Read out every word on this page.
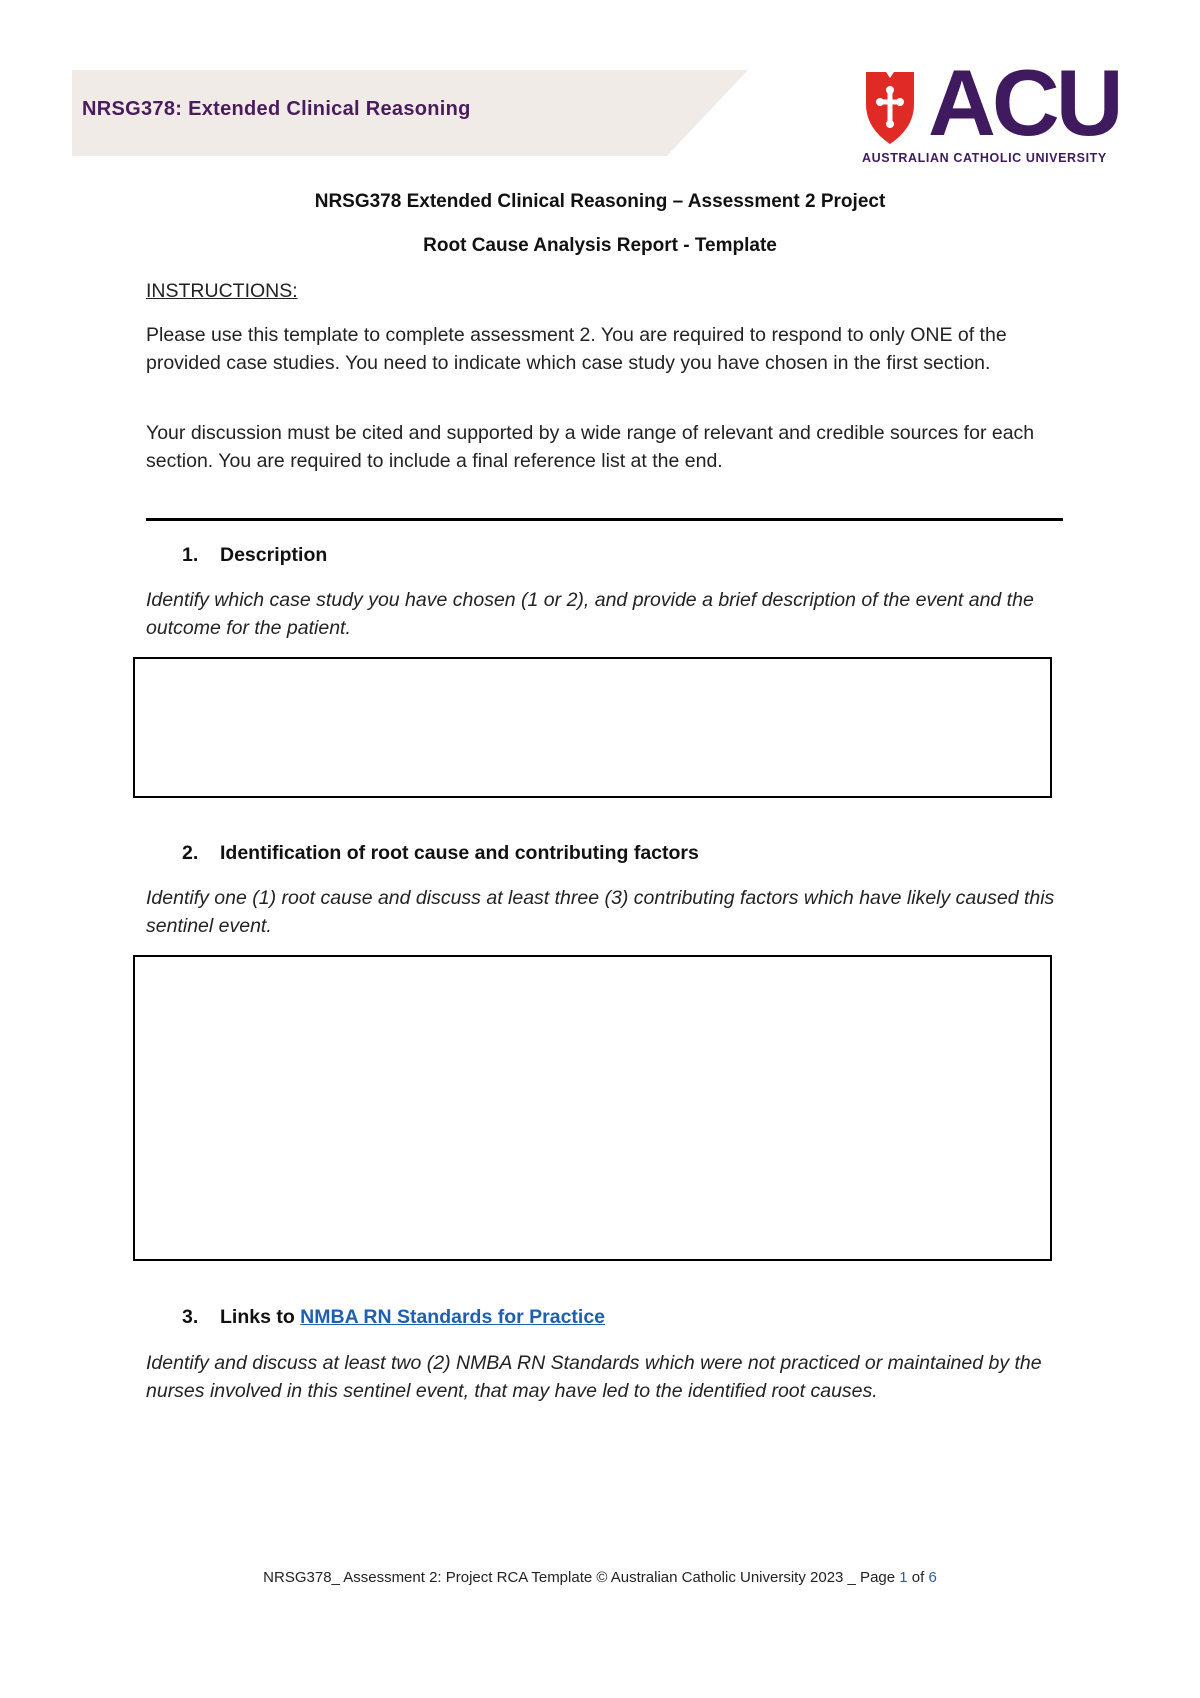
NRSG378: Extended Clinical Reasoning	ACU
AUSTRALIAN CATHOLIC UNIVERSITY
NRSG378 Extended Clinical Reasoning – Assessment 2 Project
Root Cause Analysis Report - Template
INSTRUCTIONS:
Please use this template to complete assessment 2. You are required to respond to only ONE of the provided case studies. You need to indicate which case study you have chosen in the first section.
Your discussion must be cited and supported by a wide range of relevant and credible sources for each section. You are required to include a final reference list at the end.
1. Description
Identify which case study you have chosen (1 or 2), and provide a brief description of the event and the outcome for the patient.
2. Identification of root cause and contributing factors
Identify one (1) root cause and discuss at least three (3) contributing factors which have likely caused this sentinel event.
3. Links to NMBA RN Standards for Practice
Identify and discuss at least two (2) NMBA RN Standards which were not practiced or maintained by the nurses involved in this sentinel event, that may have led to the identified root causes.
NRSG378_ Assessment 2: Project RCA Template © Australian Catholic University 2023 _ Page 1 of 6
